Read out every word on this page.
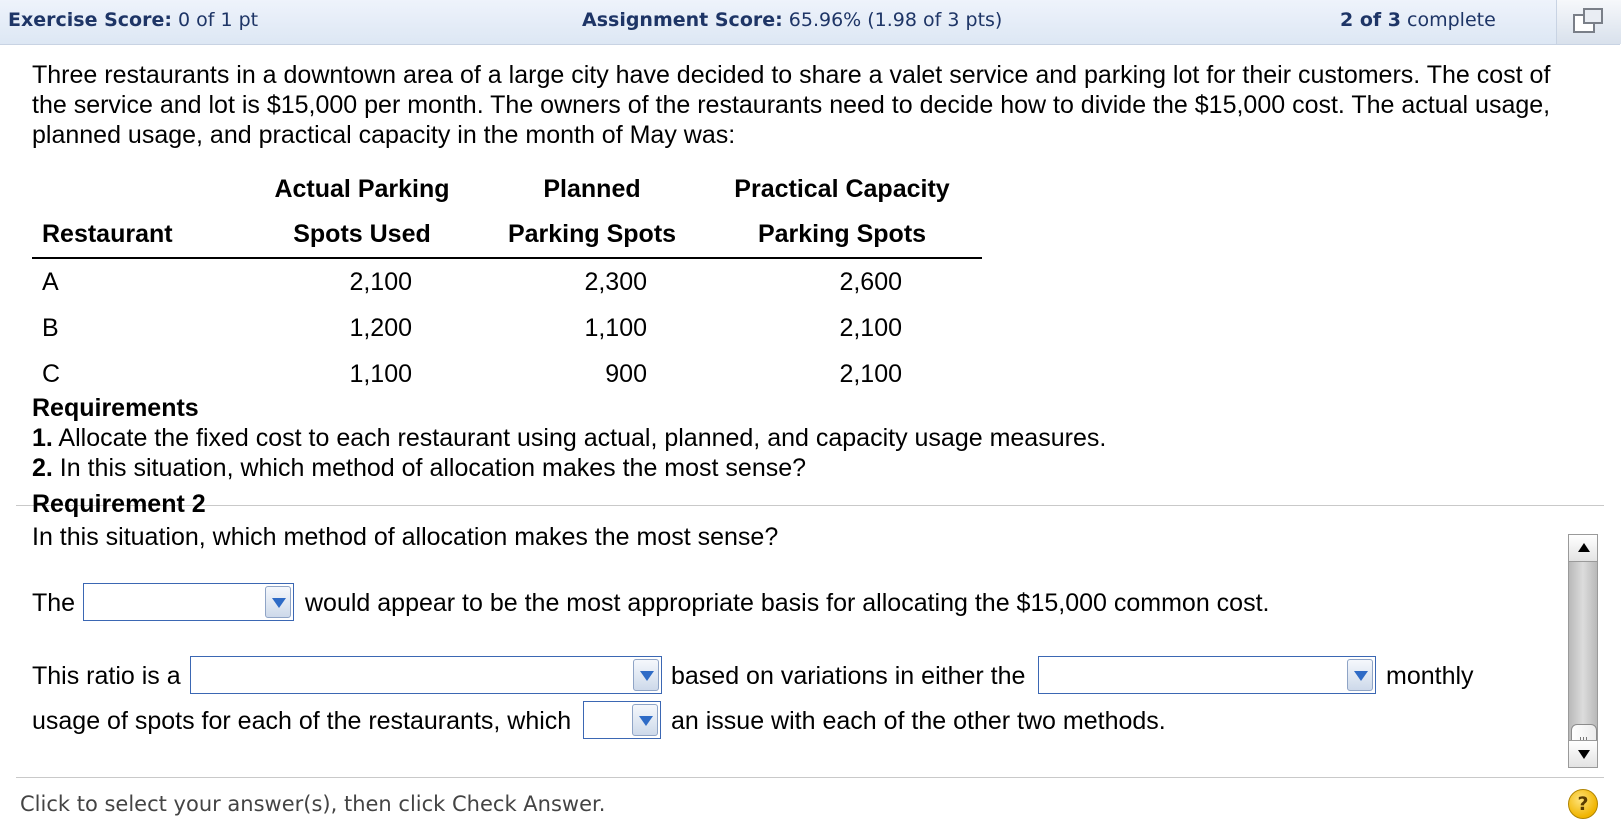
Exercise Score: 0 of 1 pt	Assignment Score: 65.96% (1.98 of 3 pts)	2 of 3 complete
Three restaurants in a downtown area of a large city have decided to share a valet service and parking lot for their customers. The cost of the service and lot is $15,000 per month. The owners of the restaurants need to decide how to divide the $15,000 cost. The actual usage, planned usage, and practical capacity in the month of May was:
	Actual Parking	Planned	Practical Capacity
Restaurant	Spots Used	Parking Spots	Parking Spots
A	2,100	2,300	2,600
B	1,200	1,100	2,100
C	1,100	900	2,100
Requirements
1. Allocate the fixed cost to each restaurant using actual, planned, and capacity usage measures.
2. In this situation, which method of allocation makes the most sense?
Requirement 2
In this situation, which method of allocation makes the most sense?
The	would appear to be the most appropriate basis for allocating the $15,000 common cost.
This ratio is a	based on variations in either the	monthly
usage of spots for each of the restaurants, which	an issue with each of the other two methods.
Click to select your answer(s), then click Check Answer.	?
